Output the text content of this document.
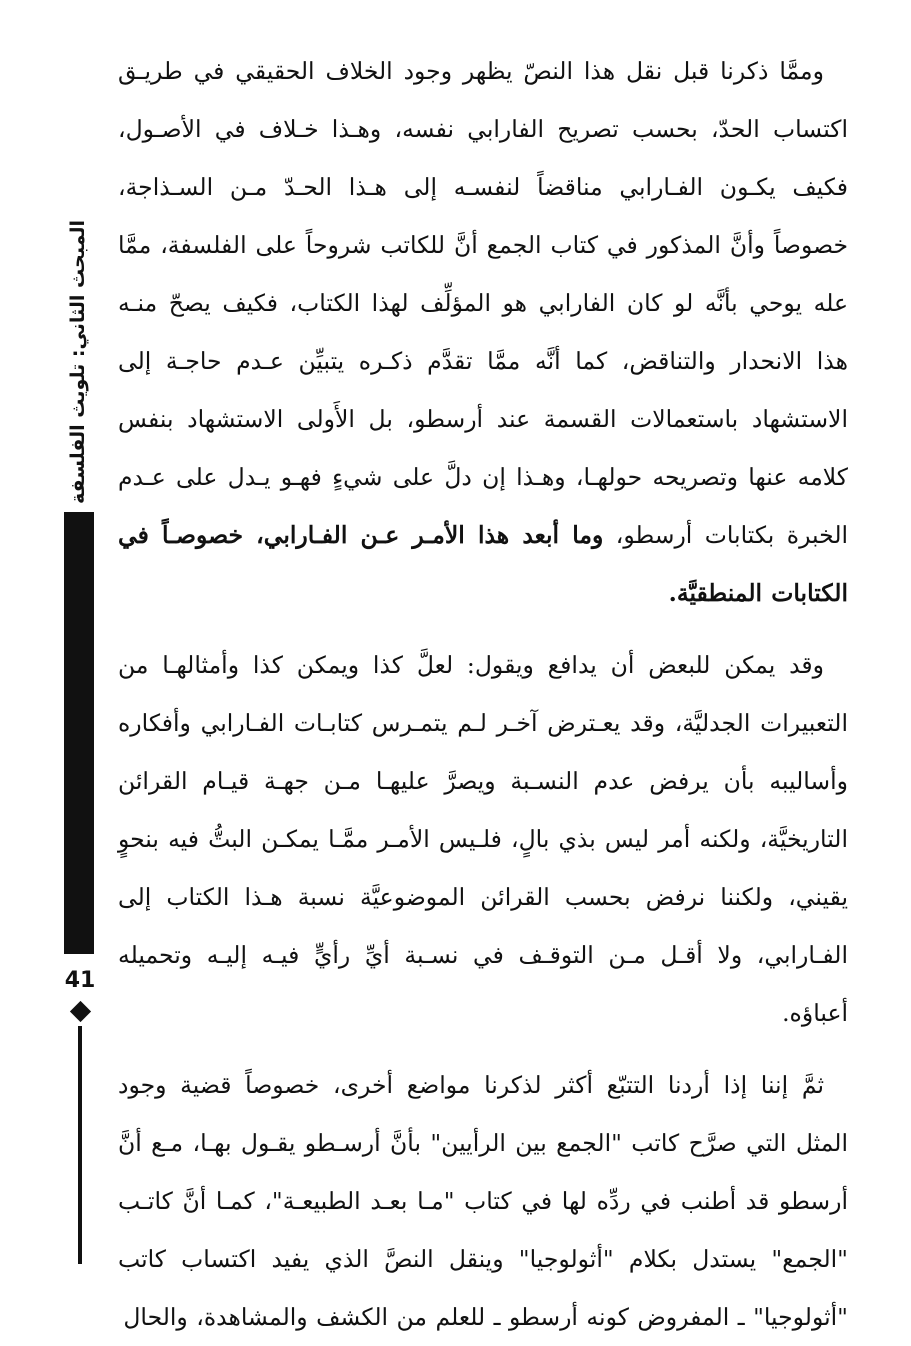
وممَّا ذكرنا قبل نقل هذا النصّ يظهر وجود الخلاف الحقيقي في طريـق اكتساب الحدّ، بحسب تصريح الفارابي نفسه، وهـذا خـلاف في الأصـول، فكيف يكـون الفـارابي مناقضاً لنفسـه إلى هـذا الحـدّ مـن السـذاجة، خصوصاً وأنَّ المذكور في كتاب الجمع أنَّ للكاتب شروحاً على الفلسفة، ممَّا عله يوحي بأنَّه لو كان الفارابي هو المؤلِّف لهذا الكتاب، فكيف يصحّ منـه هذا الانحدار والتناقض، كما أنَّه ممَّا تقدَّم ذكـره يتبيِّن عـدم حاجـة إلى الاستشهاد باستعمالات القسمة عند أرسطو، بل الأَولى الاستشهاد بنفس كلامه عنها وتصريحه حولهـا، وهـذا إن دلَّ على شيءٍ فهـو يـدل على عـدم الخبرة بكتابات أرسطو، وما أبعد هذا الأمـر عـن الفـارابي، خصوصـاً في الكتابات المنطقيَّة.

وقد يمكن للبعض أن يدافع ويقول: لعلَّ كذا ويمكن كذا وأمثالهـا من التعبيرات الجدليَّة، وقد يعـترض آخـر لـم يتمـرس كتابـات الفـارابي وأفكاره وأساليبه بأن يرفض عدم النسـبة ويصرَّ عليهـا مـن جهـة قيـام القرائن التاريخيَّة، ولكنه أمر ليس بذي بالٍ، فلـيس الأمـر ممَّـا يمكـن البتُّ فيه بنحوٍ يقيني، ولكننا نرفض بحسب القرائن الموضوعيَّة نسبة هـذا الكتاب إلى الفـارابي، ولا أقـل مـن التوقـف في نسـبة أيِّ رأيٍّ فيـه إليـه وتحميله أعباؤه.

ثمَّ إننا إذا أردنا التتبّع أكثر لذكرنا مواضع أخرى، خصوصاً قضية وجود المثل التي صرَّح كاتب "الجمع بين الرأيين" بأنَّ أرسـطو يقـول بهـا، مـع أنَّ أرسطو قد أطنب في ردِّه لها في كتاب "مـا بعـد الطبيعـة"، كمـا أنَّ كاتـب "الجمع" يستدل بكلام "أثولوجيا" وينقل النصَّ الذي يفيد اكتساب كاتب "أثولوجيا" ـ المفروض كونه أرسطو ـ للعلم من الكشف والمشاهدة، والحال

المبحث الثاني: تلويث الفلسفة
41
